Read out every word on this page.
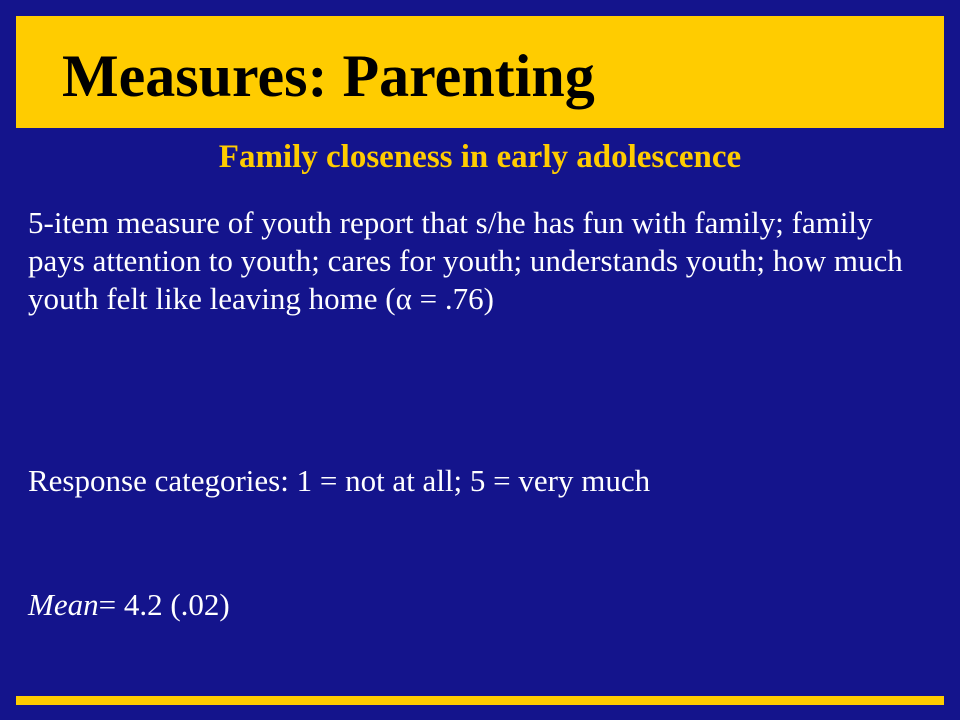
Measures: Parenting
Family closeness in early adolescence
5-item measure of youth report that s/he has fun with family; family pays attention to youth; cares for youth; understands youth; how much youth felt like leaving home (α = .76)
Response categories: 1 = not at all; 5 = very much
Mean= 4.2 (.02)
